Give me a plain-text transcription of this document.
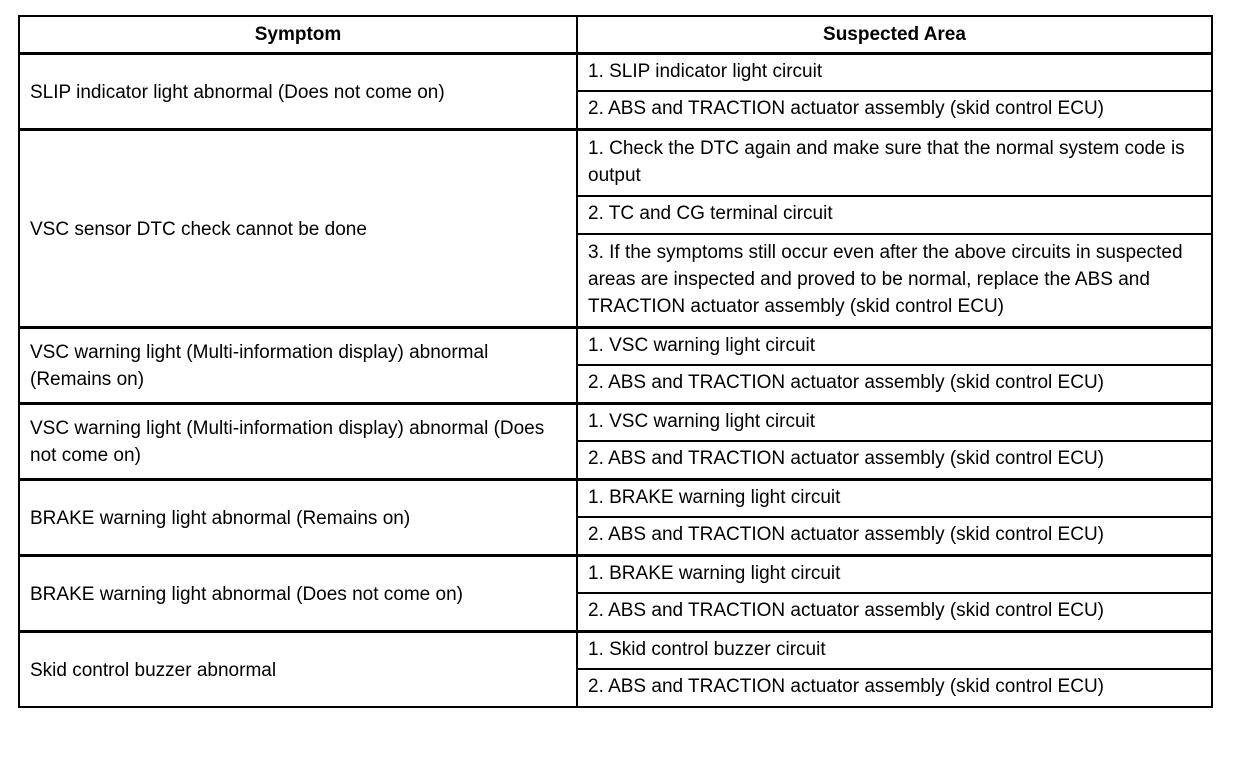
Symptom	Suspected Area
SLIP indicator light abnormal (Does not come on)	1. SLIP indicator light circuit
	2. ABS and TRACTION actuator assembly (skid control ECU)
VSC sensor DTC check cannot be done	1. Check the DTC again and make sure that the normal system code is output
	2. TC and CG terminal circuit
	3. If the symptoms still occur even after the above circuits in suspected areas are inspected and proved to be normal, replace the ABS and TRACTION actuator assembly (skid control ECU)
VSC warning light (Multi-information display) abnormal (Remains on)	1. VSC warning light circuit
	2. ABS and TRACTION actuator assembly (skid control ECU)
VSC warning light (Multi-information display) abnormal (Does not come on)	1. VSC warning light circuit
	2. ABS and TRACTION actuator assembly (skid control ECU)
BRAKE warning light abnormal (Remains on)	1. BRAKE warning light circuit
	2. ABS and TRACTION actuator assembly (skid control ECU)
BRAKE warning light abnormal (Does not come on)	1. BRAKE warning light circuit
	2. ABS and TRACTION actuator assembly (skid control ECU)
Skid control buzzer abnormal	1. Skid control buzzer circuit
	2. ABS and TRACTION actuator assembly (skid control ECU)
